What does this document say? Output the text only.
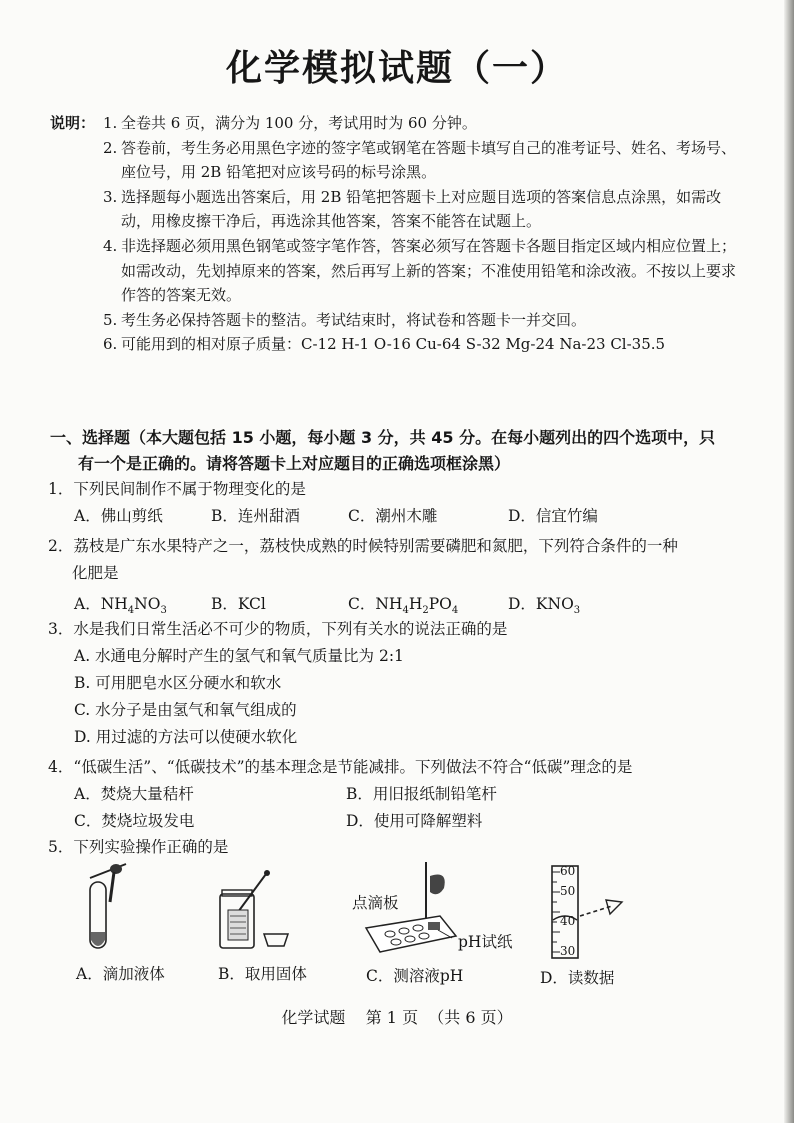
化学模拟试题（一）
说明： 1. 全卷共 6 页，满分为 100 分，考试用时为 60 分钟。

2. 答卷前，考生务必用黑色字迹的签字笔或钢笔在答题卡填写自己的准考证号、姓名、考场号、座位号，用 2B 铅笔把对应该号码的标号涂黑。

3. 选择题每小题选出答案后，用 2B 铅笔把答题卡上对应题目选项的答案信息点涂黑，如需改动，用橡皮擦干净后，再选涂其他答案，答案不能答在试题上。

4. 非选择题必须用黑色钢笔或签字笔作答，答案必须写在答题卡各题目指定区域内相应位置上；如需改动，先划掉原来的答案，然后再写上新的答案；不准使用铅笔和涂改液。不按以上要求作答的答案无效。

5. 考生务必保持答题卡的整洁。考试结束时，将试卷和答题卡一并交回。

6. 可能用到的相对原子质量：C-12 H-1 O-16 Cu-64 S-32 Mg-24 Na-23 Cl-35.5

一、选择题（本大题包括 15 小题，每小题 3 分，共 45 分。在每小题列出的四个选项中，只
有一个是正确的。请将答题卡上对应题目的正确选项框涂黑）
1．下列民间制作不属于物理变化的是
A．佛山剪纸	B．连州甜酒	C．潮州木雕	D．信宜竹编
2．荔枝是广东水果特产之一，荔枝快成熟的时候特别需要磷肥和氮肥，下列符合条件的一种
化肥是
A．$NH_4NO_3$	B．KCl	C．$NH_4H_2PO_4$	D．$KNO_3$
3．水是我们日常生活必不可少的物质，下列有关水的说法正确的是
A. 水通电分解时产生的氢气和氧气质量比为 2:1
B. 可用肥皂水区分硬水和软水
C. 水分子是由氢气和氧气组成的
D. 用过滤的方法可以使硬水软化
4．“低碳生活”、“低碳技术”的基本理念是节能减排。下列做法不符合“低碳”理念的是
A．焚烧大量秸杆	B．用旧报纸制铅笔杆
C．焚烧垃圾发电	D．使用可降解塑料
5．下列实验操作正确的是
点滴板
pH试纸
60
50
40
30
A．滴加液体	B．取用固体	C．测溶液pH	D．读数据
化学试题    第 1 页  （共 6 页）
